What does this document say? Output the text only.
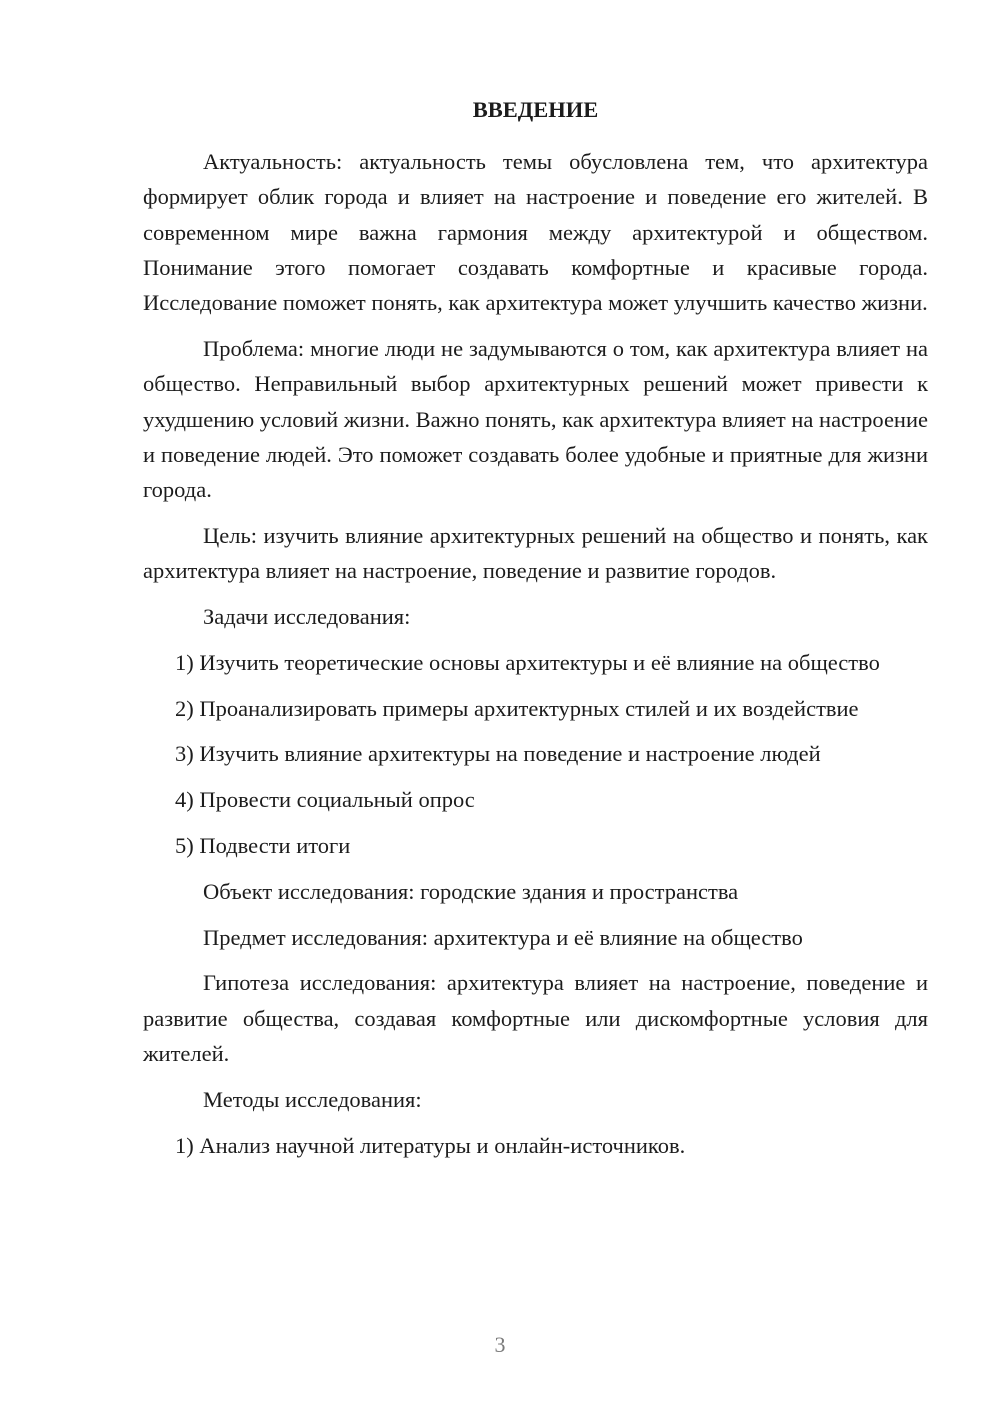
ВВЕДЕНИЕ
Актуальность: актуальность темы обусловлена тем, что архитектура формирует облик города и влияет на настроение и поведение его жителей. В современном мире важна гармония между архитектурой и обществом. Понимание этого помогает создавать комфортные и красивые города. Исследование поможет понять, как архитектура может улучшить качество жизни.
Проблема: многие люди не задумываются о том, как архитектура влияет на общество. Неправильный выбор архитектурных решений может привести к ухудшению условий жизни. Важно понять, как архитектура влияет на настроение и поведение людей. Это поможет создавать более удобные и приятные для жизни города.
Цель: изучить влияние архитектурных решений на общество и понять, как архитектура влияет на настроение, поведение и развитие городов.
Задачи исследования:
1) Изучить теоретические основы архитектуры и её влияние на общество
2) Проанализировать примеры архитектурных стилей и их воздействие
3) Изучить влияние архитектуры на поведение и настроение людей
4) Провести социальный опрос
5) Подвести итоги
Объект исследования: городские здания и пространства
Предмет исследования: архитектура и её влияние на общество
Гипотеза исследования: архитектура влияет на настроение, поведение и развитие общества, создавая комфортные или дискомфортные условия для жителей.
Методы исследования:
1) Анализ научной литературы и онлайн-источников.
3
